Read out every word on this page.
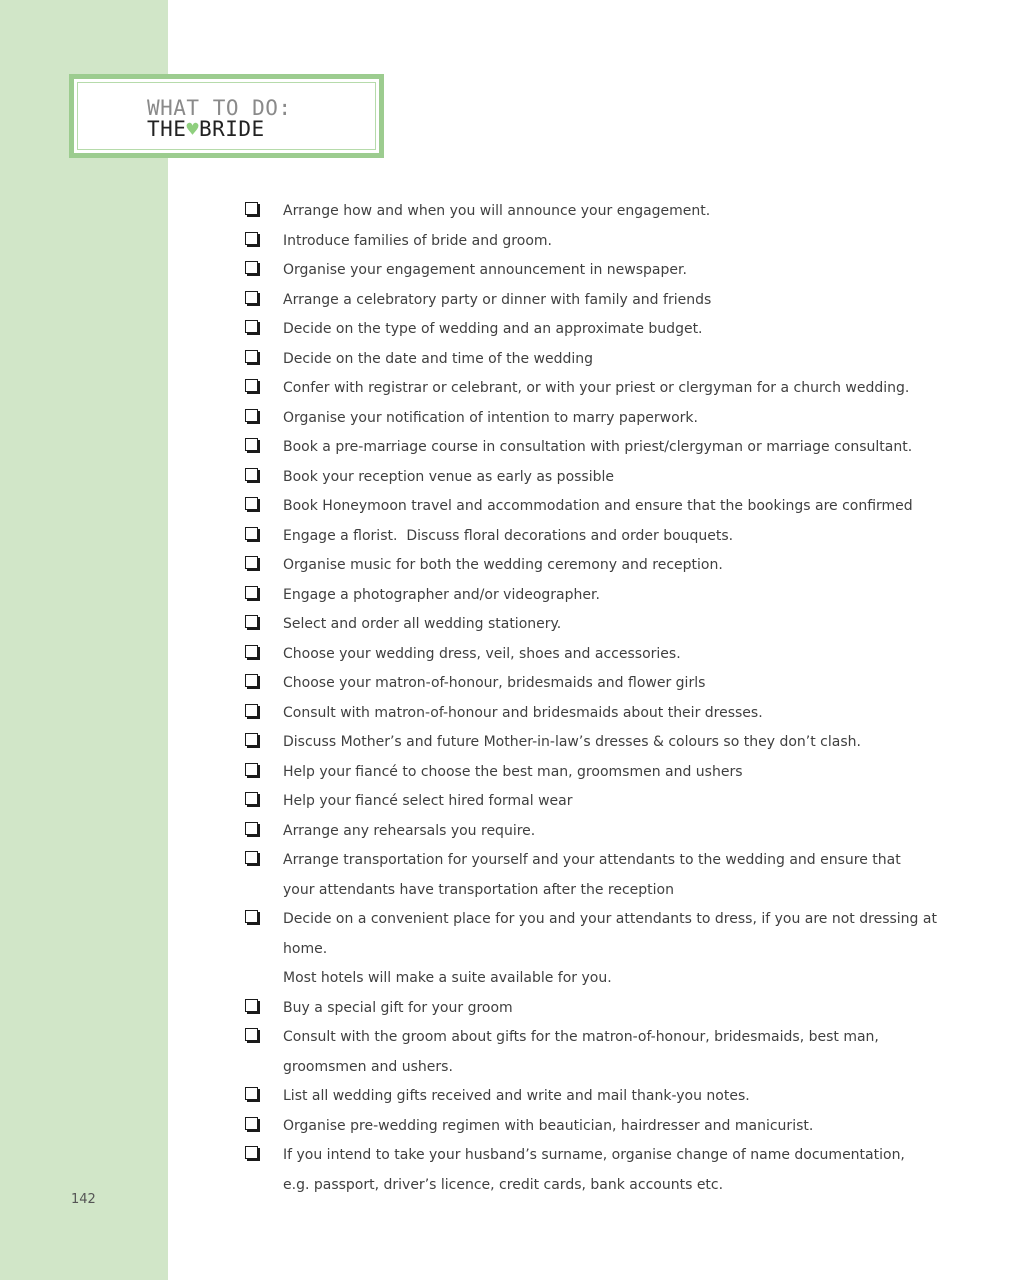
WHAT TO DO:
THE♥BRIDE
Arrange how and when you will announce your engagement.
Introduce families of bride and groom.
Organise your engagement announcement in newspaper.
Arrange a celebratory party or dinner with family and friends
Decide on the type of wedding and an approximate budget.
Decide on the date and time of the wedding
Confer with registrar or celebrant, or with your priest or clergyman for a church wedding.
Organise your notification of intention to marry paperwork.
Book a pre-marriage course in consultation with priest/clergyman or marriage consultant.
Book your reception venue as early as possible
Book Honeymoon travel and accommodation and ensure that the bookings are confirmed
Engage a florist.  Discuss floral decorations and order bouquets.
Organise music for both the wedding ceremony and reception.
Engage a photographer and/or videographer.
Select and order all wedding stationery.
Choose your wedding dress, veil, shoes and accessories.
Choose your matron-of-honour, bridesmaids and flower girls
Consult with matron-of-honour and bridesmaids about their dresses.
Discuss Mother’s and future Mother-in-law’s dresses & colours so they don’t clash.
Help your fiancé to choose the best man, groomsmen and ushers
Help your fiancé select hired formal wear
Arrange any rehearsals you require.
Arrange transportation for yourself and your attendants to the wedding and ensure that
your attendants have transportation after the reception
Decide on a convenient place for you and your attendants to dress, if you are not dressing at home.
Most hotels will make a suite available for you.
Buy a special gift for your groom
Consult with the groom about gifts for the matron-of-honour, bridesmaids, best man,
groomsmen and ushers.
List all wedding gifts received and write and mail thank-you notes.
Organise pre-wedding regimen with beautician, hairdresser and manicurist.
If you intend to take your husband’s surname, organise change of name documentation,
e.g. passport, driver’s licence, credit cards, bank accounts etc.
142
